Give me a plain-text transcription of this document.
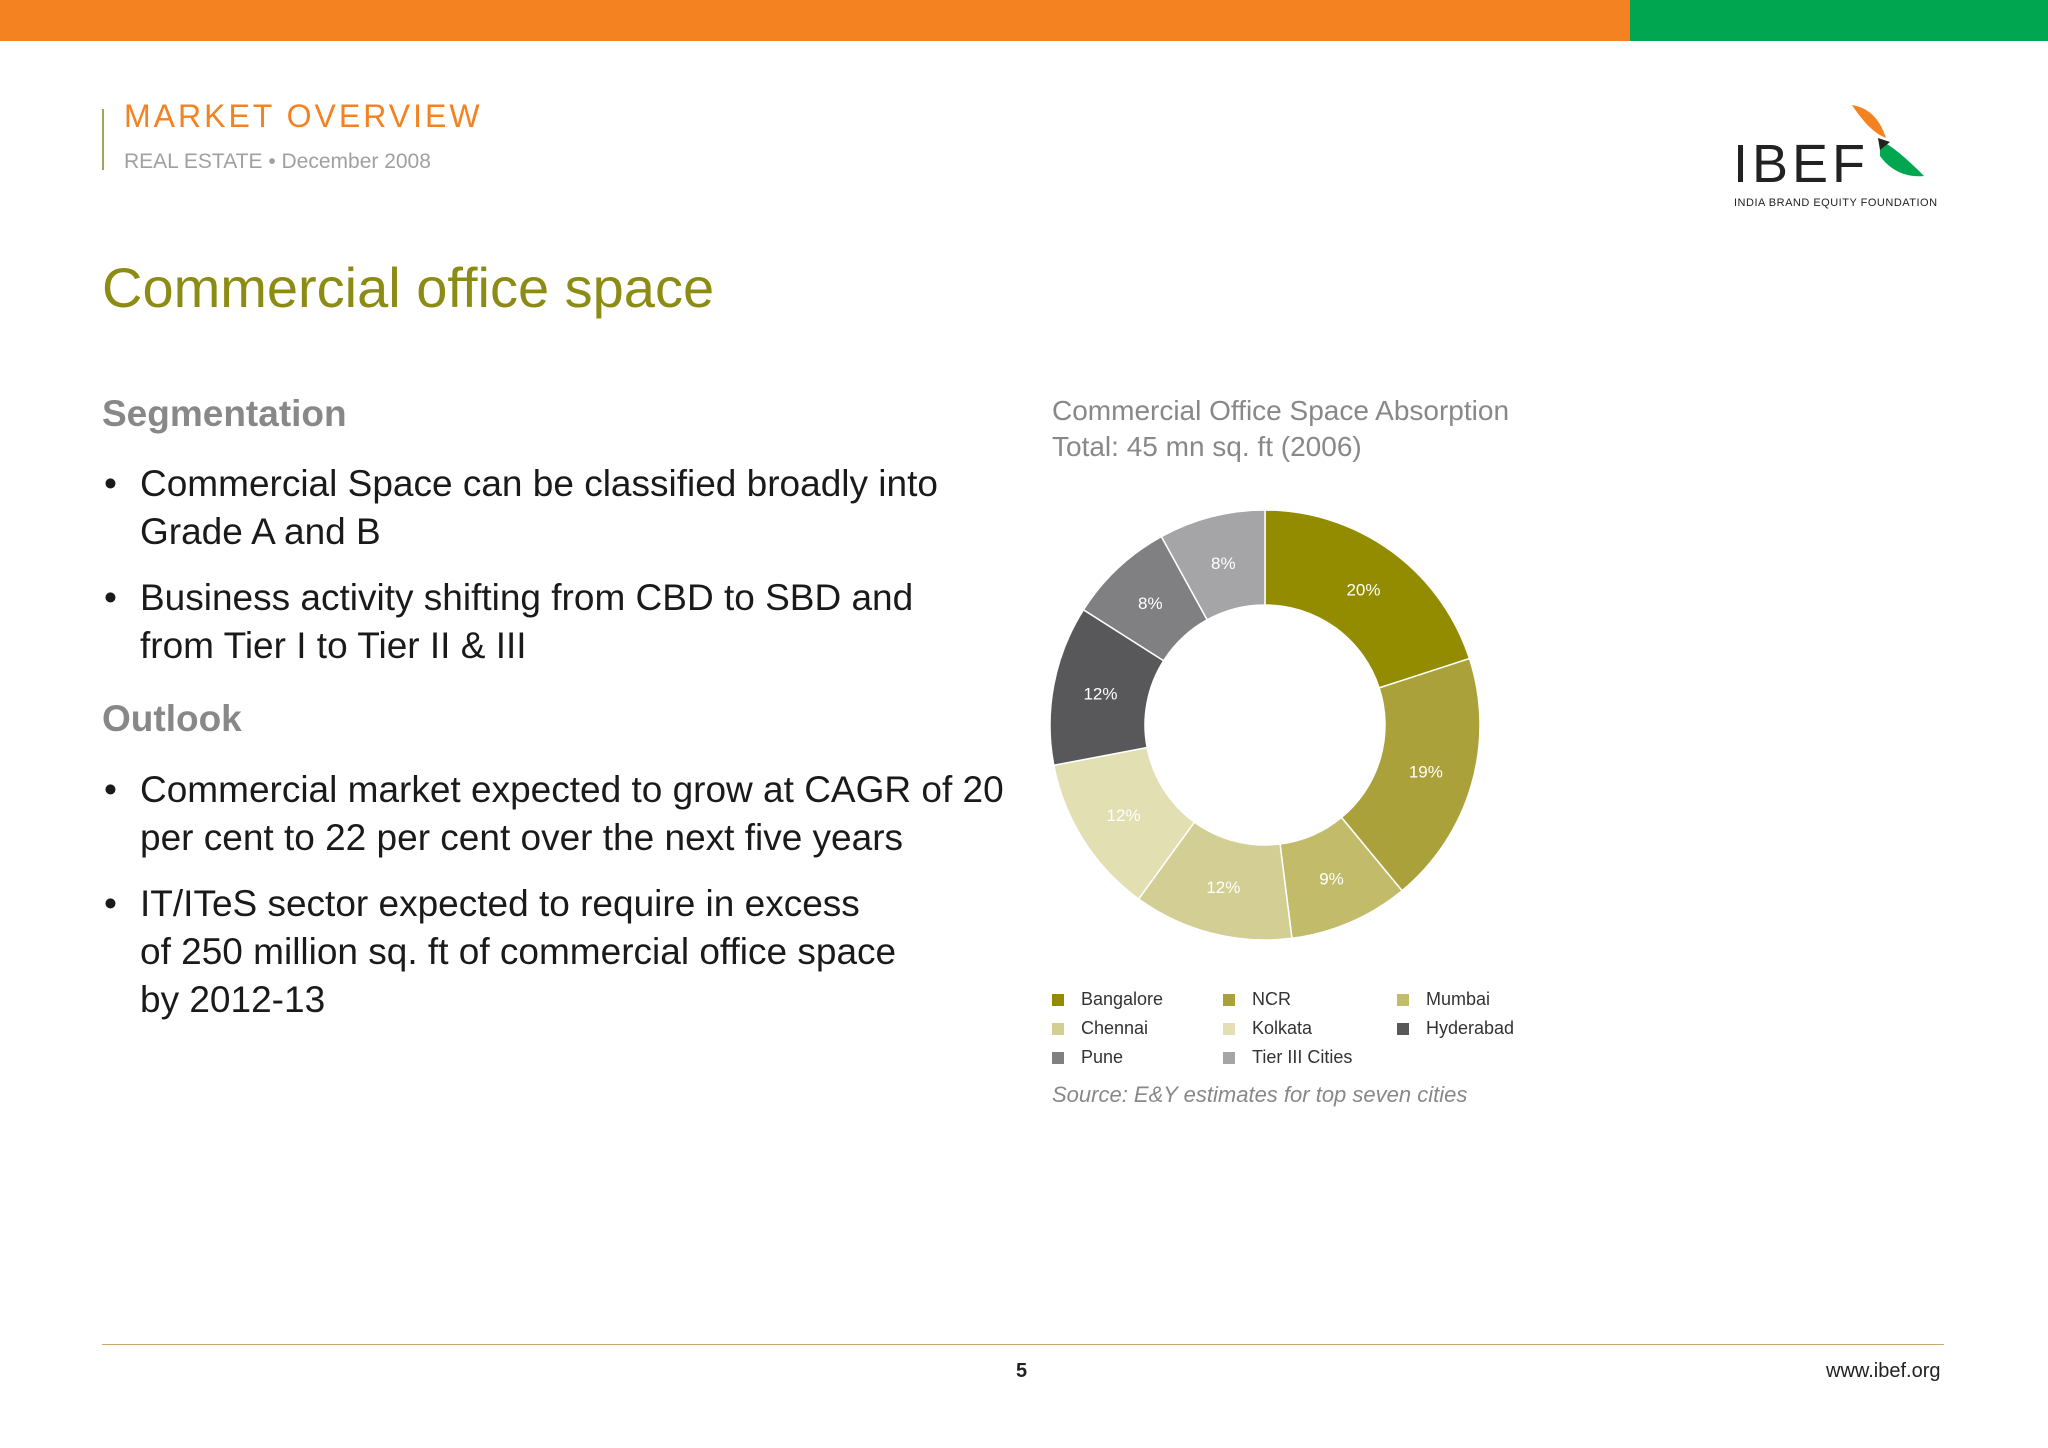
MARKET OVERVIEW
REAL ESTATE • December 2008	IBEF
INDIA BRAND EQUITY FOUNDATION
Commercial office space
Segmentation
• Commercial Space can be classified broadly into Grade A and B
• Business activity shifting from CBD to SBD and from Tier I to Tier II & III
Outlook
• Commercial market expected to grow at CAGR of 20 per cent to 22 per cent over the next five years
• IT/ITeS sector expected to require in excess of 250 million sq. ft of commercial office space by 2012-13
Commercial Office Space Absorption
Total: 45 mn sq. ft (2006)
20%
19%
9%
12%
12%
12%
8%
8%
Bangalore	NCR	Mumbai
Chennai	Kolkata	Hyderabad
Pune	Tier III Cities
Source: E&Y estimates for top seven cities
5	www.ibef.org
